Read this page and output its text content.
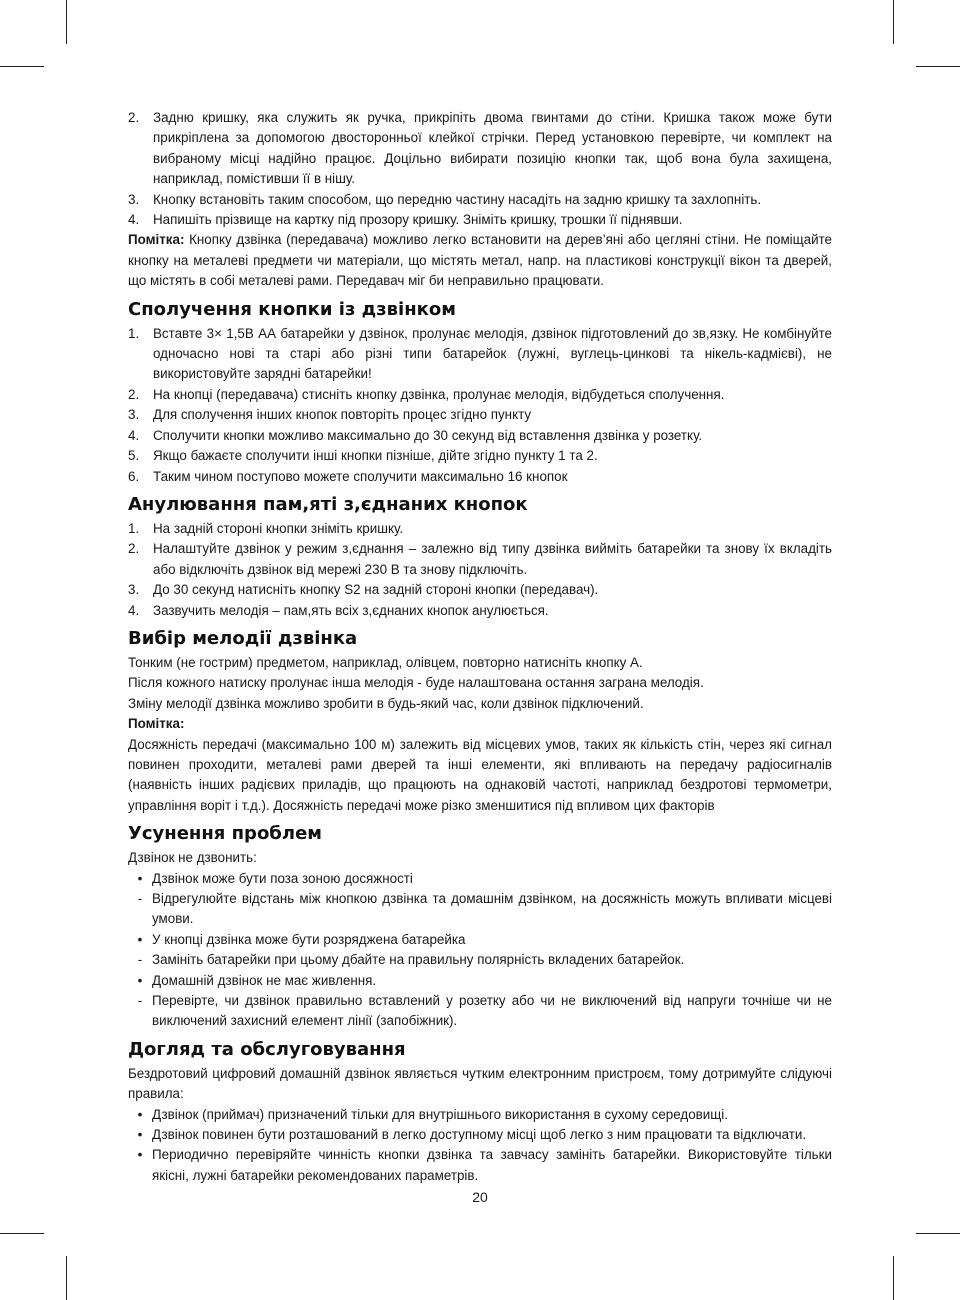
2.	Задню кришку, яка служить як ручка, прикріпіть двома гвинтами до стіни. Кришка також може бути прикріплена за допомогою двосторонньої клейкої стрічки. Перед установкою перевірте, чи комплект на вибраному місці надійно працює. Доцільно вибирати позицію кнопки так, щоб вона була захищена, наприклад, помістивши її в нішу.
3.	Кнопку встановіть таким способом, що передню частину насадіть на задню кришку та захлопніть.
4.	Напишіть прізвище на картку під прозору кришку. Зніміть кришку, трошки її піднявши.

Помітка: Кнопку дзвінка (передавача) можливо легко встановити на дерев’яні або цегляні стіни. Не поміщайте кнопку на металеві предмети чи матеріали, що містять метал, напр. на пластикові конструкції вікон та дверей, що містять в собі металеві рами. Передавач міг би неправильно працювати.

Сполучення кнопки із дзвінком
1.	Вставте 3× 1,5В АА батарейки у дзвінок, пролунає мелодія, дзвінок підготовлений до зв,язку. Не комбінуйте одночасно нові та старі або різні типи батарейок (лужні, вуглець-цинкові та нікель-кадмієві), не використовуйте зарядні батарейки!
2.	На кнопці (передавача) стисніть кнопку дзвінка, пролунає мелодія, відбудеться сполучення.
3.	Для сполучення інших кнопок повторіть процес згідно пункту
4.	Сполучити кнопки можливо максимально до 30 секунд від вставлення дзвінка у розетку.
5.	Якщо бажаєте сполучити інші кнопки пізніше, дійте згідно пункту 1 та 2.
6.	Таким чином поступово можете сполучити максимально 16 кнопок
Анулювання пам,яті з,єднаних кнопок
1.	На задній стороні кнопки зніміть кришку.
2.	Налаштуйте дзвінок у режим з,єднання – залежно від типу дзвінка вийміть батарейки та знову їх вкладіть або відключіть дзвінок від мережі 230 В та знову підключіть.
3.	До 30 секунд натисніть кнопку S2 на задній стороні кнопки (передавач).
4.	Зазвучить мелодія – пам,ять всіх з,єднаних кнопок анулюється.
Вибір мелодії дзвінка

Тонким (не гострим) предметом, наприклад, олівцем, повторно натисніть кнопку A.

Після кожного натиску пролунає інша мелодія - буде налаштована остання заграна мелодія.

Зміну мелодії дзвінка можливо зробити в будь-який час, коли дзвінок підключений.

Помітка:

Досяжність передачі (максимально 100 м) залежить від місцевих умов, таких як кількість стін, через які сигнал повинен проходити, металеві рами дверей та інші елементи, які впливають на передачу радіосигналів (наявність інших радієвих приладів, що працюють на однаковій частоті, наприклад бездротові термометри, управління воріт і т.д.). Досяжність передачі може різко зменшитися під впливом цих факторів

Усунення проблем

Дзвінок не дзвонить:

• Дзвінок може бути поза зоною досяжності
- Відрегулюйте відстань між кнопкою дзвінка та домашнім дзвінком, на досяжність можуть впливати місцеві умови.
• У кнопці дзвінка може бути розряджена батарейка
- Замініть батарейки при цьому дбайте на правильну полярність вкладених батарейок.
• Домашній дзвінок не має живлення.
- Перевірте, чи дзвінок правильно вставлений у розетку або чи не виключений від напруги точніше чи не виключений захисний елемент лінії (запобіжник).
Догляд та обслуговування

Бездротовий цифровий домашній дзвінок являється чутким електронним пристроєм, тому дотримуйте слідуючі правила:

• Дзвінок (приймач) призначений тільки для внутрішнього використання в сухому середовищі.
• Дзвінок повинен бути розташований в легко доступному місці щоб легко з ним працювати та відключати.
• Периодично перевіряйте чинність кнопки дзвінка та завчасу замініть батарейки. Використовуйте тільки якісні, лужні батарейки рекомендованих параметрів.
20
